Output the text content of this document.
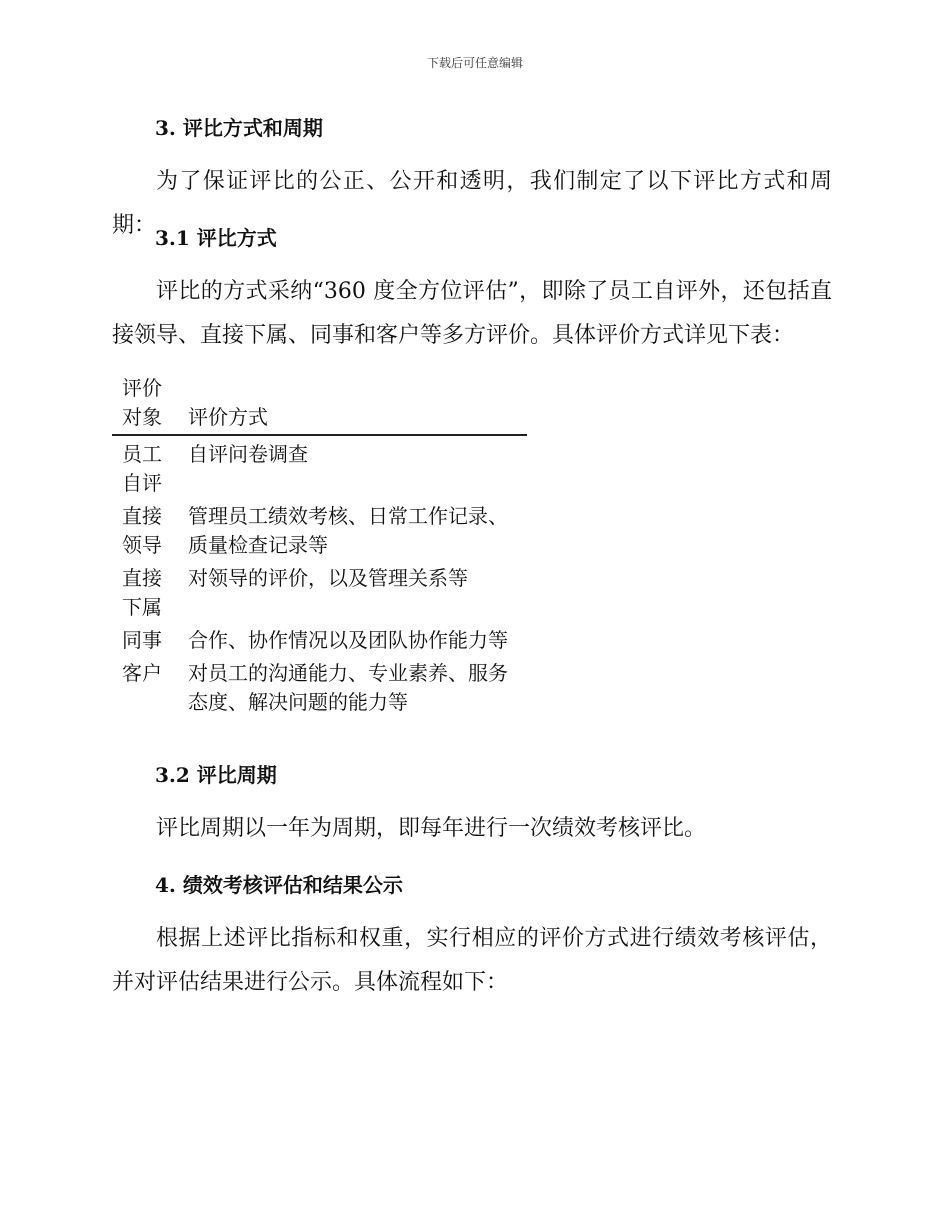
下载后可任意编辑
3. 评比方式和周期
为了保证评比的公正、公开和透明，我们制定了以下评比方式和周期：
3.1 评比方式
评比的方式采纳“360 度全方位评估”，即除了员工自评外，还包括直接领导、直接下属、同事和客户等多方评价。具体评价方式详见下表：
评价对象	评价方式
员工自评	自评问卷调查
直接领导	管理员工绩效考核、日常工作记录、质量检查记录等
直接下属	对领导的评价，以及管理关系等
同事	合作、协作情况以及团队协作能力等
客户	对员工的沟通能力、专业素养、服务态度、解决问题的能力等
3.2 评比周期
评比周期以一年为周期，即每年进行一次绩效考核评比。
4. 绩效考核评估和结果公示
根据上述评比指标和权重，实行相应的评价方式进行绩效考核评估，并对评估结果进行公示。具体流程如下：
